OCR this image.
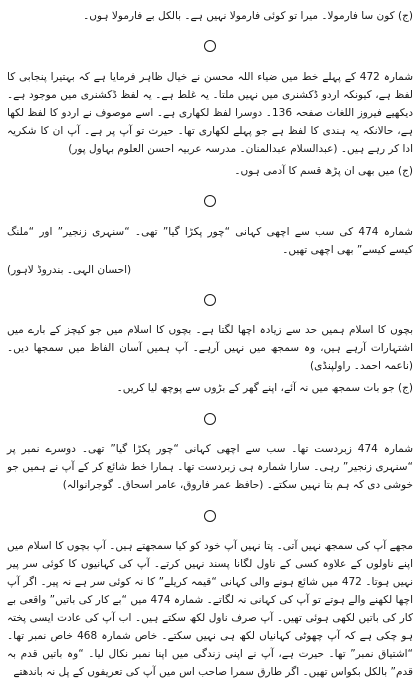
(ج) کون سا فارمولا۔ میرا تو کوئی فارمولا نہیں ہے۔ بالکل بے فارمولا ہوں۔

شمارہ 472 کے پہلے خط میں ضیاء اللہ محسن نے خیال ظاہر فرمایا ہے کہ بہتیرا پنجابی کا لفظ ہے، کیونکہ اردو ڈکشنری میں نہیں ملتا۔ یہ غلط ہے۔ یہ لفظ ڈکشنری میں موجود ہے۔ دیکھیے فیروز اللغات صفحہ 136۔ دوسرا لفظ لکھاری ہے۔ اسے موصوف نے اردو کا لفظ لکھا ہے، حالانکہ یہ ہندی کا لفظ ہے جو پہلے لکھاری تھا۔ حیرت تو آپ پر ہے۔ آپ ان کا شکریہ ادا کر رہے ہیں۔ (عبدالسلام عبدالمنان۔ مدرسہ عربیہ احسن العلوم بہاول پور)

(ج) میں بھی ان پڑھ قسم کا آدمی ہوں۔

شمارہ 474 کی سب سے اچھی کہانی “چور پکڑا گیا” تھی۔ “سنہری زنجیر” اور “ملنگ کیسے کیسے” بھی اچھی تھیں۔

(احسان الہی۔ بندروڈ لاہور)

بچوں کا اسلام ہمیں حد سے زیادہ اچھا لگتا ہے۔ بچوں کا اسلام میں جو کیچز کے بارے میں اشتہارات آرہے ہیں، وہ سمجھ میں نہیں آرہے۔ آپ ہمیں آسان الفاظ میں سمجھا دیں۔ (ناعمہ احمد۔ راولپنڈی)

(ج) جو بات سمجھ میں نہ آئے، اپنے گھر کے بڑوں سے پوچھ لیا کریں۔

شمارہ 474 زبردست تھا۔ سب سے اچھی کہانی “چور پکڑا گیا” تھی۔ دوسرے نمبر پر “سنہری زنجیر” رہی۔ سارا شمارہ ہی زبردست تھا۔ ہمارا خط شائع کر کے آپ نے ہمیں جو خوشی دی کہ ہم بتا نہیں سکتے۔ (حافظ عمر فاروق، عامر اسحاق۔ گوجرانوالہ)

مجھے آپ کی سمجھ نہیں آتی۔ پتا نہیں آپ خود کو کیا سمجھتے ہیں۔ آپ بچوں کا اسلام میں اپنے ناولوں کے علاوہ کسی کے ناول لگانا پسند نہیں کرتے۔ آپ کی کہانیوں کا کوئی سر پیر نہیں ہوتا۔ 472 میں شائع ہونے والی کہانی “قیمہ کریلے” کا نہ کوئی سر ہے نہ پیر۔ اگر آپ اچھا لکھنے والے ہوتے تو آپ کی کہانی نہ لگاتے۔ شمارہ 474 میں “بے کار کی باتیں” واقعی بے کار کی باتیں لکھی ہوئی تھیں۔ آپ صرف ناول لکھ سکتے ہیں۔ اب آپ کی عادت ایسی پختہ ہو چکی ہے کہ آپ چھوٹی کہانیاں لکھ ہی نہیں سکتے۔ خاص شمارہ 468 خاص نمبر تھا۔ “اشتیاق نمبر” تھا۔ حیرت ہے، آپ نے اپنی زندگی میں اپنا نمبر نکال لیا۔ “وہ باتیں قدم بہ قدم” بالکل بکواس تھیں۔ اگر طارق سمرا صاحب اس میں آپ کی تعریفوں کے پل نہ باندھتے
